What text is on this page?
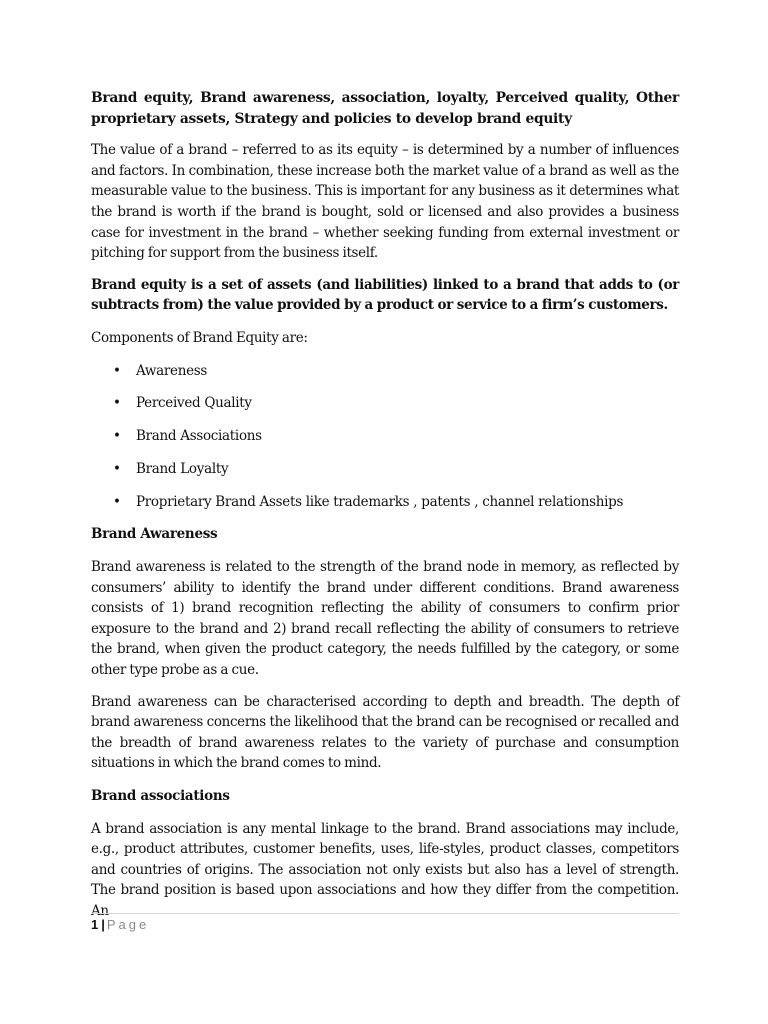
Brand equity, Brand awareness, association, loyalty, Perceived quality, Other proprietary assets, Strategy and policies to develop brand equity

The value of a brand – referred to as its equity – is determined by a number of influences and factors. In combination, these increase both the market value of a brand as well as the measurable value to the business. This is important for any business as it determines what the brand is worth if the brand is bought, sold or licensed and also provides a business case for investment in the brand – whether seeking funding from external investment or pitching for support from the business itself.

Brand equity is a set of assets (and liabilities) linked to a brand that adds to (or subtracts from) the value provided by a product or service to a firm’s customers.

Components of Brand Equity are:

• Awareness
• Perceived Quality
• Brand Associations
• Brand Loyalty
• Proprietary Brand Assets like trademarks , patents , channel relationships

Brand Awareness

Brand awareness is related to the strength of the brand node in memory, as reflected by consumers’ ability to identify the brand under different conditions. Brand awareness consists of 1) brand recognition reflecting the ability of consumers to confirm prior exposure to the brand and 2) brand recall reflecting the ability of consumers to retrieve the brand, when given the product category, the needs fulfilled by the category, or some other type probe as a cue.

Brand awareness can be characterised according to depth and breadth. The depth of brand awareness concerns the likelihood that the brand can be recognised or recalled and the breadth of brand awareness relates to the variety of purchase and consumption situations in which the brand comes to mind.

Brand associations

A brand association is any mental linkage to the brand. Brand associations may include, e.g., product attributes, customer benefits, uses, life-styles, product classes, competitors and countries of origins. The association not only exists but also has a level of strength. The brand position is based upon associations and how they differ from the competition. An

1 | Page
